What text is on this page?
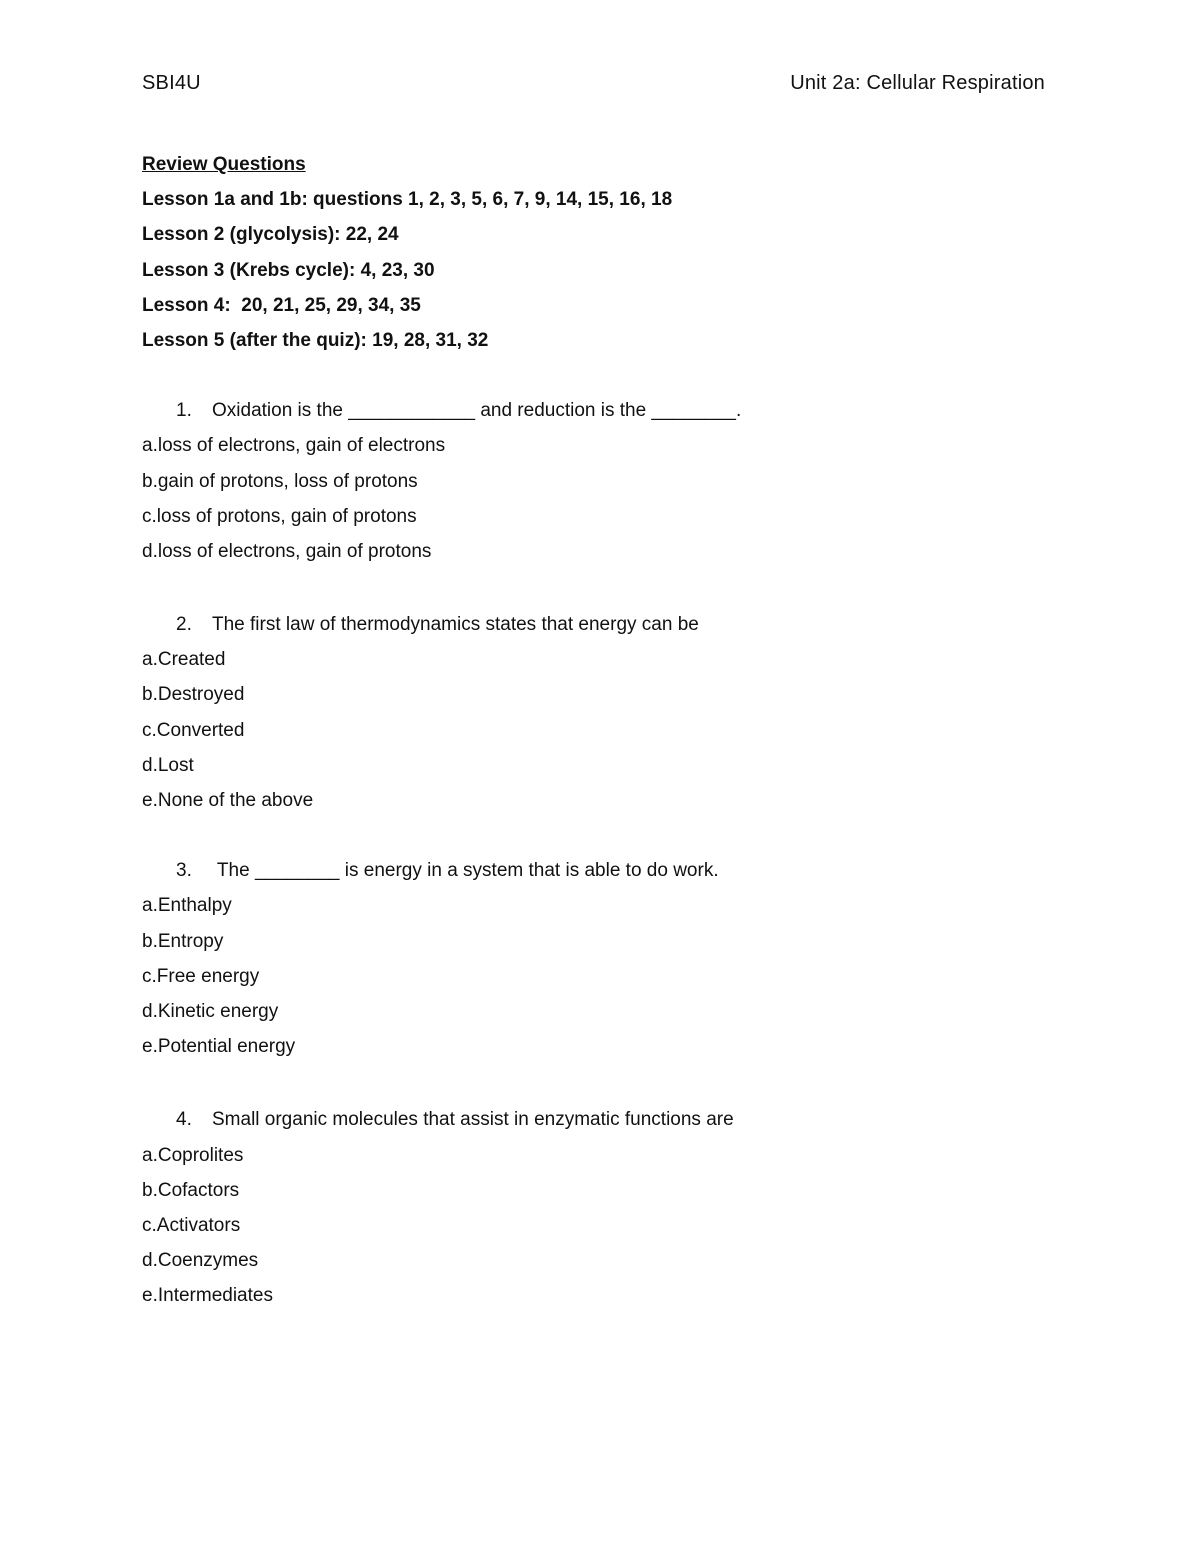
SBI4U	Unit 2a: Cellular Respiration
Review Questions
Lesson 1a and 1b: questions 1, 2, 3, 5, 6, 7, 9, 14, 15, 16, 18
Lesson 2 (glycolysis): 22, 24
Lesson 3 (Krebs cycle): 4, 23, 30
Lesson 4:  20, 21, 25, 29, 34, 35
Lesson 5 (after the quiz): 19, 28, 31, 32
1. Oxidation is the ____________ and reduction is the ________.
a.loss of electrons, gain of electrons
b.gain of protons, loss of protons
c.loss of protons, gain of protons
d.loss of electrons, gain of protons
2. The first law of thermodynamics states that energy can be
a.Created
b.Destroyed
c.Converted
d.Lost
e.None of the above
3. The ________ is energy in a system that is able to do work.
a.Enthalpy
b.Entropy
c.Free energy
d.Kinetic energy
e.Potential energy
4. Small organic molecules that assist in enzymatic functions are
a.Coprolites
b.Cofactors
c.Activators
d.Coenzymes
e.Intermediates
